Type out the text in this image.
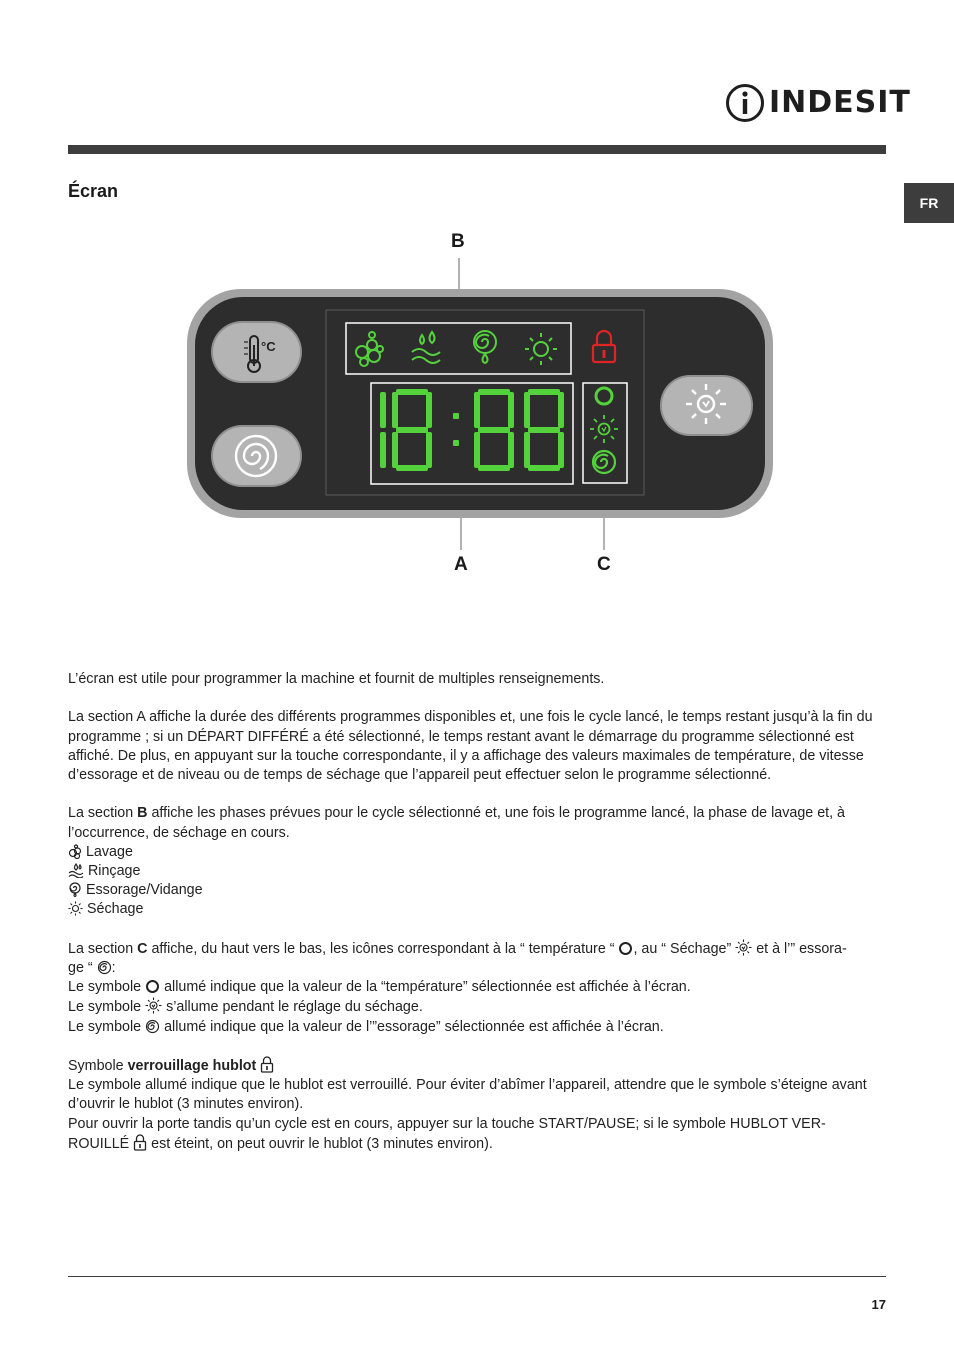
INDESIT
FR
Écran
°C
B
A	C

L’écran est utile pour programmer la machine et fournit de multiples renseignements.

La section A affiche la durée des différents programmes disponibles et, une fois le cycle lancé, le temps restant jusqu’à la fin du programme ; si un DÉPART DIFFÉRÉ a été sélectionné, le temps restant avant le démarrage du programme sélectionné est affiché. De plus, en appuyant sur la touche correspondante, il y a affichage des valeurs maximales de température, de vitesse d’essorage et de niveau ou de temps de séchage que l’appareil peut effectuer selon le programme sélectionné.

La section B affiche les phases prévues pour le cycle sélectionné et, une fois le programme lancé, la phase de lavage et, à l’occurrence, de séchage en cours.

Lavage
Rinçage
Essorage/Vidange

Séchage

La section C affiche, du haut vers le bas, les icônes correspondant à la “ température “ , au “ Séchage”  et à l’” essora-
ge “ :
Le symbole  allumé indique que la valeur de la “température” sélectionnée est affichée à l’écran.
Le symbole  s’allume pendant le réglage du séchage.

Le symbole  allumé indique que la valeur de l’”essorage” sélectionnée est affichée à l’écran.

Symbole verrouillage hublot
Le symbole allumé indique que le hublot est verrouillé. Pour éviter d’abîmer l’appareil, attendre que le symbole s’éteigne avant d’ouvrir le hublot (3 minutes environ).
Pour ouvrir la porte tandis qu’un cycle est en cours, appuyer sur la touche START/PAUSE; si le symbole HUBLOT VER-
ROUILLÉ  est éteint, on peut ouvrir le hublot (3 minutes environ).
17
